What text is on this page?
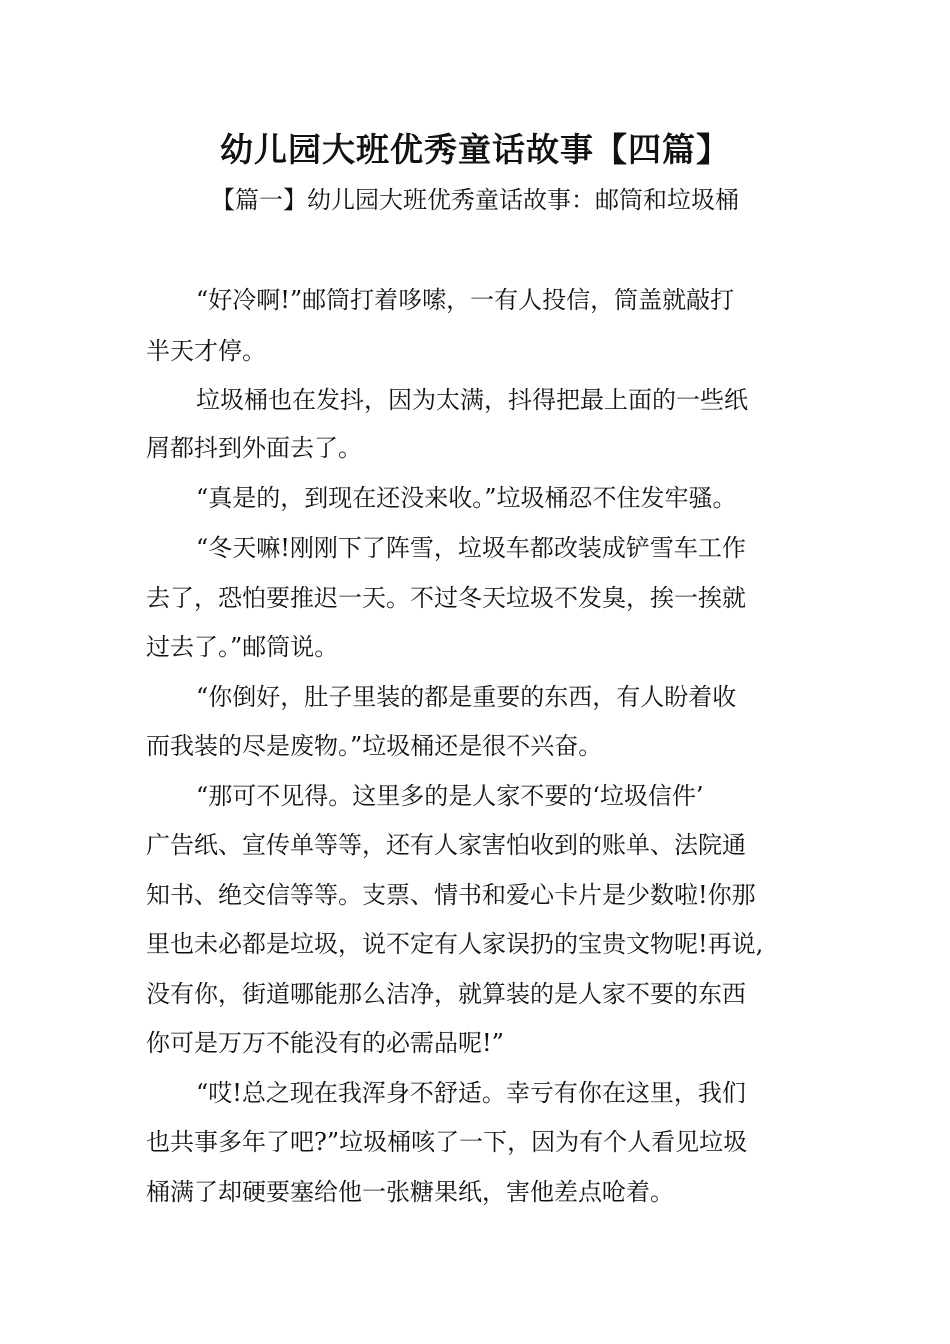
幼儿园大班优秀童话故事【四篇】
【篇一】幼儿园大班优秀童话故事：邮筒和垃圾桶
“好冷啊!”邮筒打着哆嗦，一有人投信，筒盖就敲打
半天才停。
垃圾桶也在发抖，因为太满，抖得把最上面的一些纸
屑都抖到外面去了。
“真是的，到现在还没来收。”垃圾桶忍不住发牢骚。
“冬天嘛!刚刚下了阵雪，垃圾车都改装成铲雪车工作
去了，恐怕要推迟一天。不过冬天垃圾不发臭，挨一挨就
过去了。”邮筒说。
“你倒好，肚子里装的都是重要的东西，有人盼着收
而我装的尽是废物。”垃圾桶还是很不兴奋。
“那可不见得。这里多的是人家不要的‘垃圾信件’
广告纸、宣传单等等，还有人家害怕收到的账单、法院通
知书、绝交信等等。支票、情书和爱心卡片是少数啦!你那
里也未必都是垃圾，说不定有人家误扔的宝贵文物呢!再说,
没有你，街道哪能那么洁净，就算装的是人家不要的东西
你可是万万不能没有的必需品呢!”
“哎!总之现在我浑身不舒适。幸亏有你在这里，我们
也共事多年了吧?”垃圾桶咳了一下，因为有个人看见垃圾
桶满了却硬要塞给他一张糖果纸，害他差点呛着。
